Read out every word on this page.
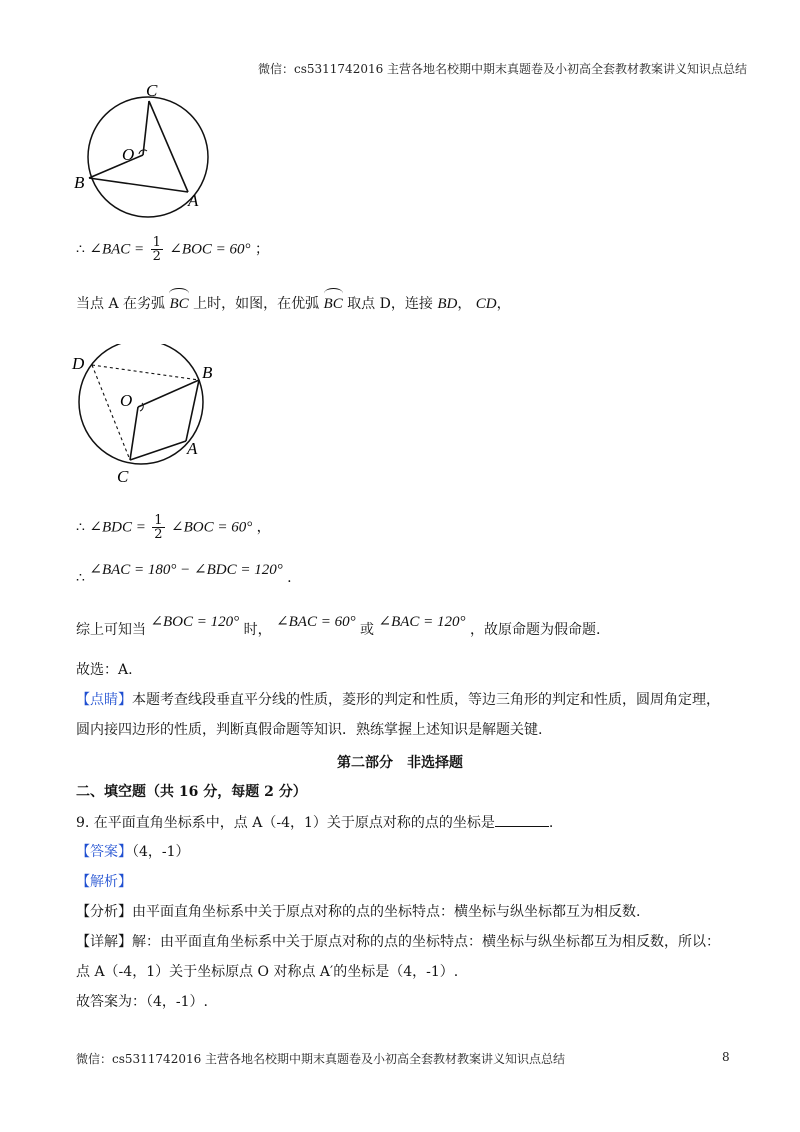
微信：cs5311742016 主营各地名校期中期末真题卷及小初高全套教材教案讲义知识点总结
C
O
B
A
∴ ∠BAC = $\frac{1}{2}$ ∠BOC = 60° ；
当点 A 在劣弧 BC 上时，如图，在优弧 BC 取点 D，连接 BD， CD，
D	B
O
A
C
∴ ∠BDC = $\frac{1}{2}$ ∠BOC = 60° ，
∴ ∠BAC = 180° − ∠BDC = 120° .
综上可知当 ∠BOC = 120° 时， ∠BAC = 60° 或 ∠BAC = 120° ，故原命题为假命题.
故选：A.
【点睛】本题考查线段垂直平分线的性质，菱形的判定和性质，等边三角形的判定和性质，圆周角定理，
圆内接四边形的性质，判断真假命题等知识．熟练掌握上述知识是解题关键.
第二部分　非选择题
二、填空题（共 16 分，每题 2 分）
9. 在平面直角坐标系中，点 A（-4，1）关于原点对称的点的坐标是	.
【答案】（4，-1）
【解析】
【分析】由平面直角坐标系中关于原点对称的点的坐标特点：横坐标与纵坐标都互为相反数.
【详解】解：由平面直角坐标系中关于原点对称的点的坐标特点：横坐标与纵坐标都互为相反数，所以：
点 A（-4，1）关于坐标原点 O 对称点 A′的坐标是（4，-1）.
故答案为：（4，-1）.
微信：cs5311742016 主营各地名校期中期末真题卷及小初高全套教材教案讲义知识点总结	8
